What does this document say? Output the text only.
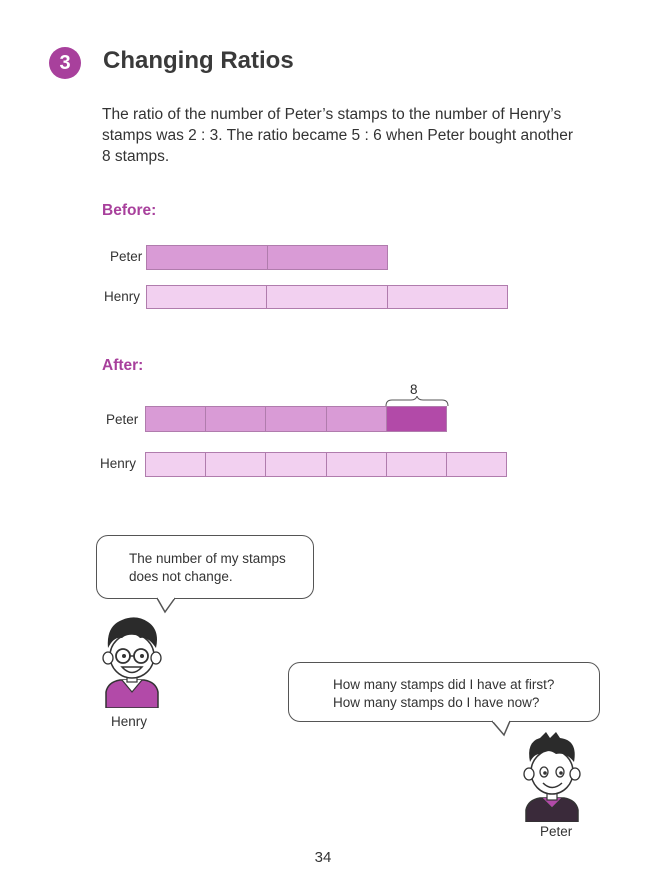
3	Changing Ratios
The ratio of the number of Peter’s stamps to the number of Henry’s
stamps was 2 : 3. The ratio became 5 : 6 when Peter bought another
8 stamps.
Before:
Peter
Henry
After:
8
Peter
Henry
The number of my stamps
does not change.
Henry
How many stamps did I have at first?
How many stamps do I have now?
Peter
34
